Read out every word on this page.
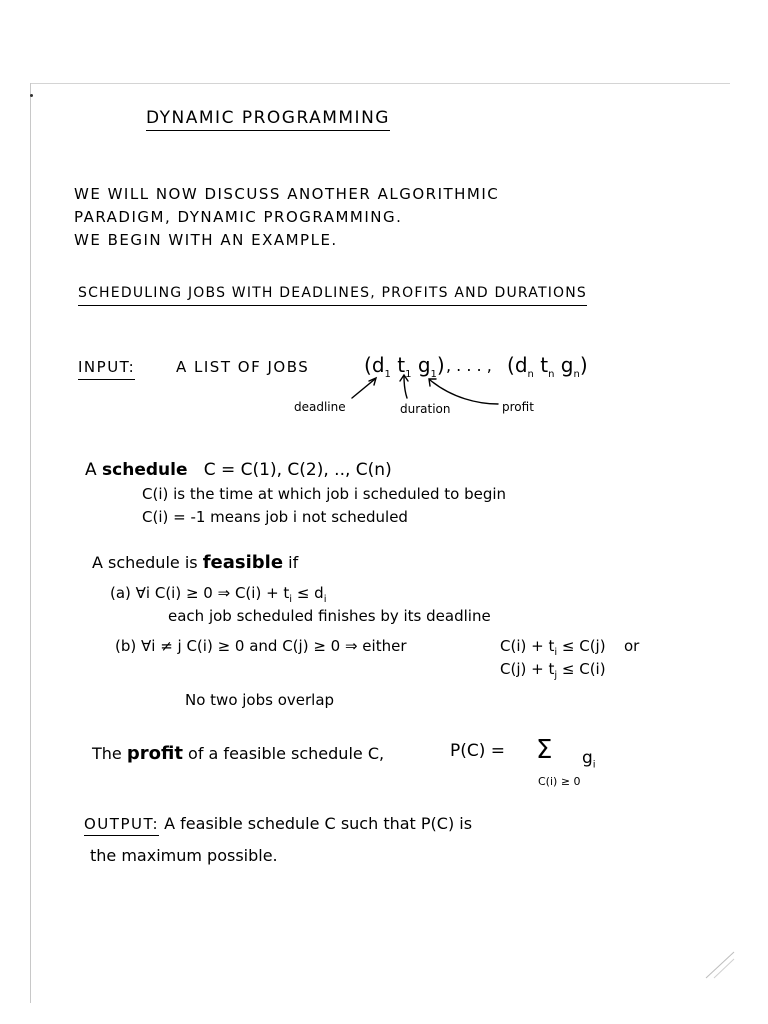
DYNAMIC PROGRAMMING
WE WILL NOW DISCUSS ANOTHER ALGORITHMIC
PARADIGM, DYNAMIC PROGRAMMING.
WE BEGIN WITH AN EXAMPLE.
SCHEDULING JOBS WITH DEADLINES, PROFITS AND DURATIONS
INPUT:	A LIST OF JOBS	($d_1$ $t_1$ $g_1$) , . . . , ($d_n$ $t_n$ $g_n$)
deadline	duration	profit
A schedule C = C(1), C(2), .., C(n)
C(i) is the time at which job i scheduled to begin
C(i) = -1 means job i not scheduled
A schedule is feasible if
(a) ∀i C(i) ≥ 0 ⇒ $C(i) + t_i \le d_i$
each job scheduled finishes by its deadline
(b) ∀i ≠ j C(i) ≥ 0 and C(j) ≥ 0 ⇒ either	$C(i) + t_i \le C(j)$ or
$C(j) + t_j \le C(i)$
No two jobs overlap
The profit of a feasible schedule C,	P(C) = Σ $g_i$
C(i) ≥ 0
OUTPUT: A feasible schedule C such that P(C) is
the maximum possible.
